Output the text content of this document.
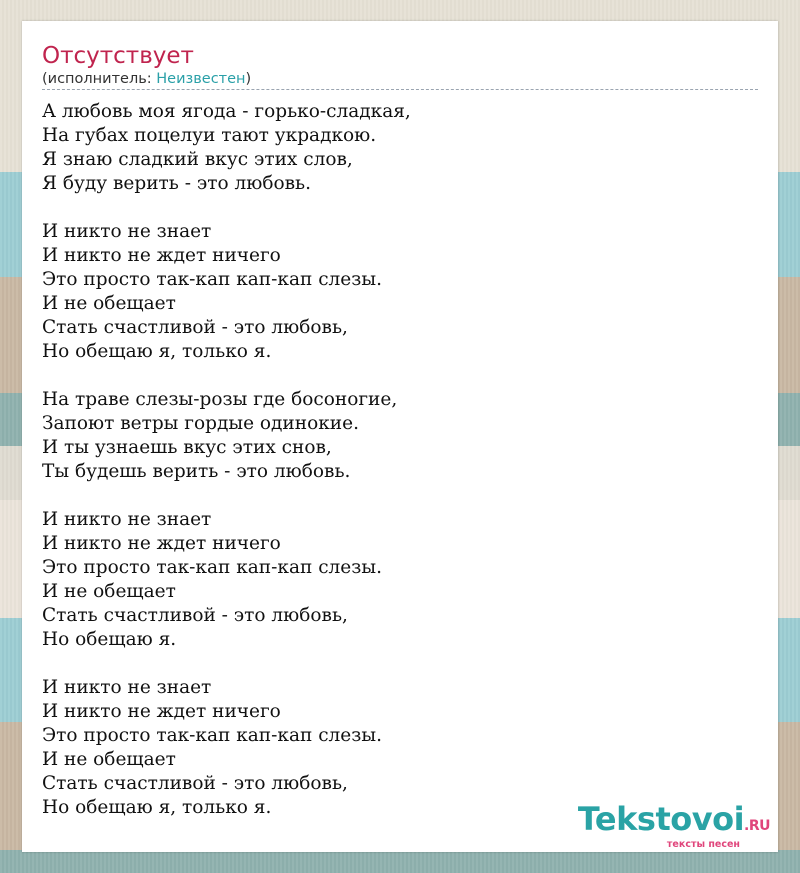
Отсутствует
(исполнитель: Неизвестен)
А любовь моя ягода - горько-сладкая,
На губах поцелуи тают украдкою.
Я знаю сладкий вкус этих слов,
Я буду верить - это любовь.
И никто не знает
И никто не ждет ничего
Это просто так-кап кап-кап слезы.
И не обещает
Стать счастливой - это любовь,
Но обещаю я, только я.
На траве слезы-розы где босоногие,
Запоют ветры гордые одинокие.
И ты узнаешь вкус этих снов,
Ты будешь верить - это любовь.
И никто не знает
И никто не ждет ничего
Это просто так-кап кап-кап слезы.
И не обещает
Стать счастливой - это любовь,
Но обещаю я.
И никто не знает
И никто не ждет ничего
Это просто так-кап кап-кап слезы.
И не обещает
Стать счастливой - это любовь,
Но обещаю я, только я.	Tekstovoi.RU
тексты песен
